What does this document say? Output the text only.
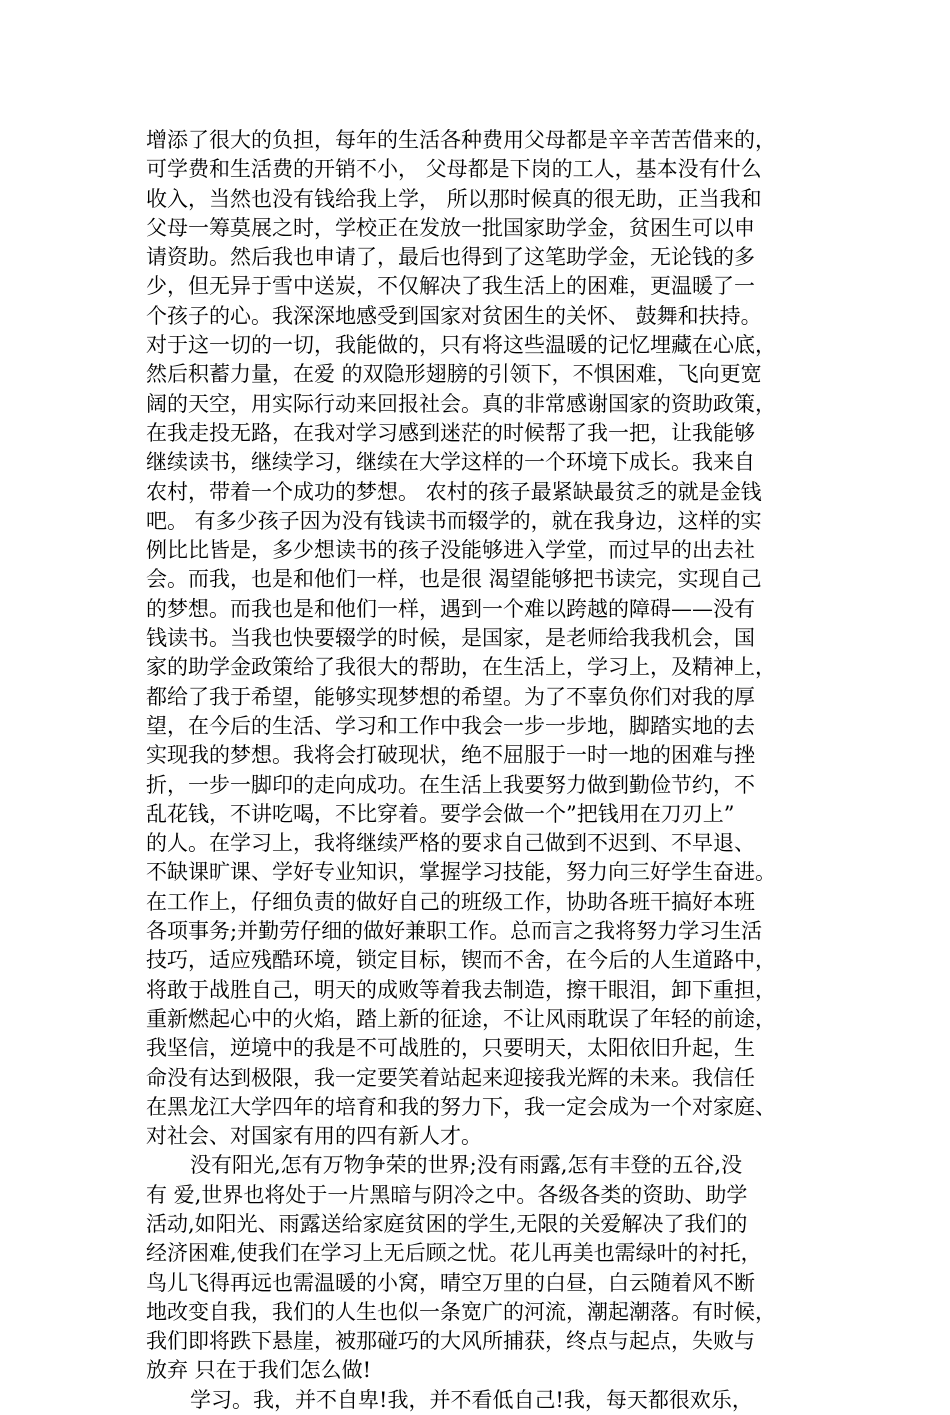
增添了很大的负担，每年的生活各种费用父母都是辛辛苦苦借来的，
可学费和生活费的开销不小， 父母都是下岗的工人，基本没有什么
收入，当然也没有钱给我上学， 所以那时候真的很无助，正当我和
父母一筹莫展之时，学校正在发放一批国家助学金，贫困生可以申
请资助。然后我也申请了，最后也得到了这笔助学金，无论钱的多
少，但无异于雪中送炭，不仅解决了我生活上的困难，更温暖了一
个孩子的心。我深深地感受到国家对贫困生的关怀、 鼓舞和扶持。
对于这一切的一切，我能做的，只有将这些温暖的记忆埋藏在心底，
然后积蓄力量，在爱 的双隐形翅膀的引领下，不惧困难，飞向更宽
阔的天空，用实际行动来回报社会。真的非常感谢国家的资助政策，
在我走投无路，在我对学习感到迷茫的时候帮了我一把，让我能够
继续读书，继续学习，继续在大学这样的一个环境下成长。我来自
农村，带着一个成功的梦想。 农村的孩子最紧缺最贫乏的就是金钱
吧。 有多少孩子因为没有钱读书而辍学的，就在我身边，这样的实
例比比皆是，多少想读书的孩子没能够进入学堂，而过早的出去社
会。而我，也是和他们一样，也是很 渴望能够把书读完，实现自己
的梦想。而我也是和他们一样，遇到一个难以跨越的障碍——没有
钱读书。当我也快要辍学的时候，是国家，是老师给我我机会，国
家的助学金政策给了我很大的帮助，在生活上，学习上，及精神上，
都给了我于希望，能够实现梦想的希望。为了不辜负你们对我的厚
望，在今后的生活、学习和工作中我会一步一步地，脚踏实地的去
实现我的梦想。我将会打破现状，绝不屈服于一时一地的困难与挫
折，一步一脚印的走向成功。在生活上我要努力做到勤俭节约，不
乱花钱，不讲吃喝，不比穿着。要学会做一个”把钱用在刀刃上”
的人。在学习上，我将继续严格的要求自己做到不迟到、不早退、
不缺课旷课、学好专业知识，掌握学习技能，努力向三好学生奋进。
在工作上，仔细负责的做好自己的班级工作，协助各班干搞好本班
各项事务;并勤劳仔细的做好兼职工作。总而言之我将努力学习生活
技巧，适应残酷环境，锁定目标，锲而不舍，在今后的人生道路中，
将敢于战胜自己，明天的成败等着我去制造，擦干眼泪，卸下重担，
重新燃起心中的火焰，踏上新的征途，不让风雨耽误了年轻的前途，
我坚信，逆境中的我是不可战胜的，只要明天，太阳依旧升起，生
命没有达到极限，我一定要笑着站起来迎接我光辉的未来。我信任
在黑龙江大学四年的培育和我的努力下，我一定会成为一个对家庭、
对社会、对国家有用的四有新人才。
没有阳光,怎有万物争荣的世界;没有雨露,怎有丰登的五谷,没
有 爱,世界也将处于一片黑暗与阴冷之中。各级各类的资助、助学
活动,如阳光、雨露送给家庭贫困的学生,无限的关爱解决了我们的
经济困难,使我们在学习上无后顾之忧。花儿再美也需绿叶的衬托，
鸟儿飞得再远也需温暖的小窝，晴空万里的白昼，白云随着风不断
地改变自我，我们的人生也似一条宽广的河流，潮起潮落。有时候，
我们即将跌下悬崖，被那碰巧的大风所捕获，终点与起点，失败与
放弃 只在于我们怎么做!
学习。我，并不自卑!我，并不看低自己!我，每天都很欢乐，
